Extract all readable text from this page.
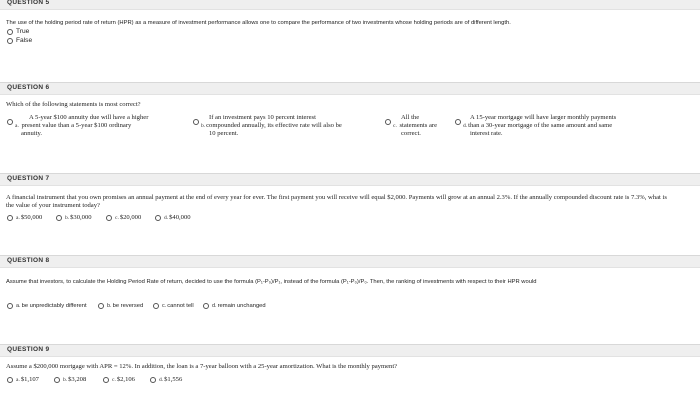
QUESTION 5
The use of the holding period rate of return (HPR) as a measure of investment performance allows one to compare the performance of two investments whose holding periods are of different length.
True
False
QUESTION 6
Which of the following statements is most correct?
A 5-year $100 annuity due will have a higher
a. present value than a 5-year $100 ordinary
annuity.
If an investment pays 10 percent interest
b.compounded annually, its effective rate will also be
10 percent.
All the
c. statements are
correct.
A 15-year mortgage will have larger monthly payments
d.than a 30-year mortgage of the same amount and same
interest rate.
QUESTION 7
A financial instrument that you own promises an annual payment at the end of every year for ever. The first payment you will receive will equal $2,000. Payments will grow at an annual 2.3%. If the annually compounded discount rate is 7.3%, what is the value of your instrument today?
a. $50,000	b. $30,000	c. $20,000	d. $40,000
QUESTION 8
Assume that investors, to calculate the Holding Period Rate of return, decided to use the formula (P₁-P₀)/P₁, instead of the formula (P₁-P₀)/P₀. Then, the ranking of investments with respect to their HPR would
a. be unpredictably different	b. be reversed	c. cannot tell	d. remain unchanged
QUESTION 9
Assume a $200,000 mortgage with APR = 12%. In addition, the loan is a 7-year balloon with a 25-year amortization. What is the monthly payment?
a. $1,107	b. $3,208	c. $2,106	d. $1,556
